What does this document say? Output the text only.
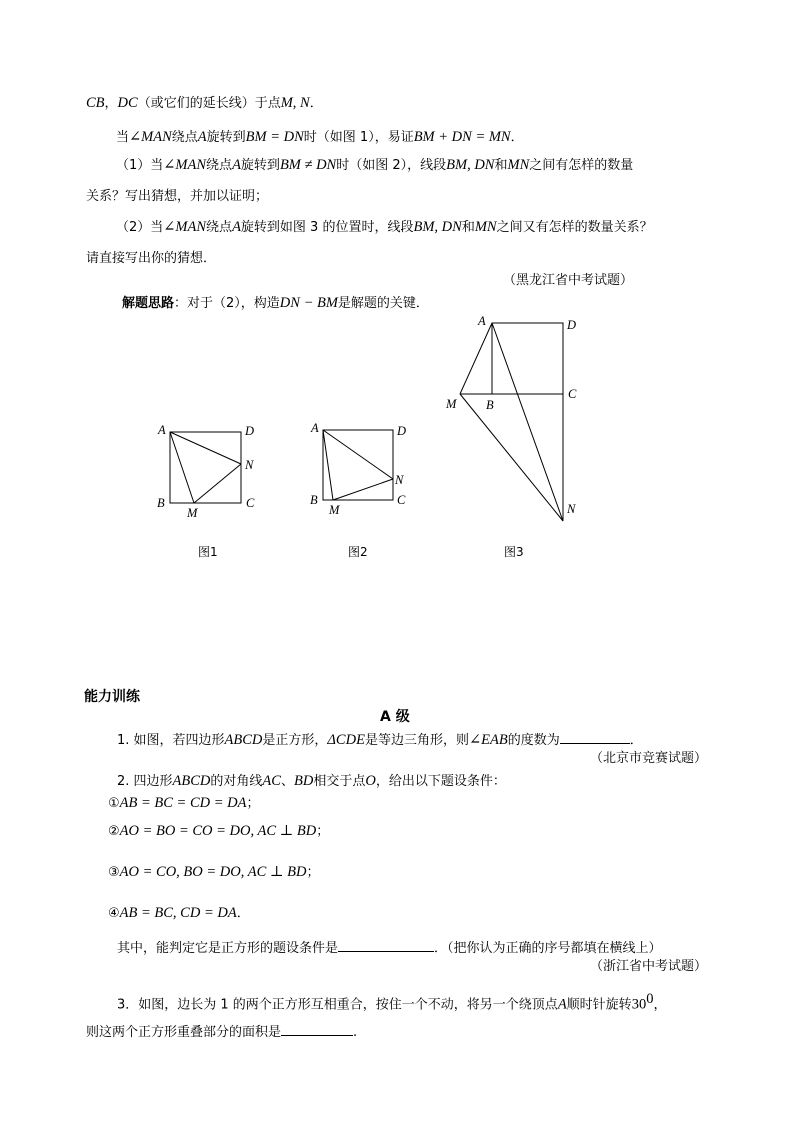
CB，DC（或它们的延长线）于点M, N．
当∠MAN绕点A旋转到BM = DN时（如图 1），易证BM + DN = MN．
（1）当∠MAN绕点A旋转到BM ≠ DN时（如图 2），线段BM, DN和MN之间有怎样的数量
关系？写出猜想，并加以证明；
（2）当∠MAN绕点A旋转到如图 3 的位置时，线段BM, DN和MN之间又有怎样的数量关系？
请直接写出你的猜想．
（黑龙江省中考试题）
解题思路：对于（2），构造DN − BM是解题的关键．
A	D
N
B	C
M
A	D
N
B	C
M
A	D
C
M B
N
图1	图2	图3
能力训练
A 级
1. 如图，若四边形ABCD是正方形，ΔCDE是等边三角形，则∠EAB的度数为	．
（北京市竞赛试题）
2. 四边形ABCD的对角线AC、BD相交于点O，给出以下题设条件：
①AB = BC = CD = DA；
②AO = BO = CO = DO, AC ⊥ BD；
③AO = CO, BO = DO, AC ⊥ BD；
④AB = BC, CD = DA．
其中，能判定它是正方形的题设条件是	．（把你认为正确的序号都填在横线上）
（浙江省中考试题）
3．如图，边长为 1 的两个正方形互相重合，按住一个不动，将另一个绕顶点A顺时针旋转$30^0$，
则这两个正方形重叠部分的面积是	.
